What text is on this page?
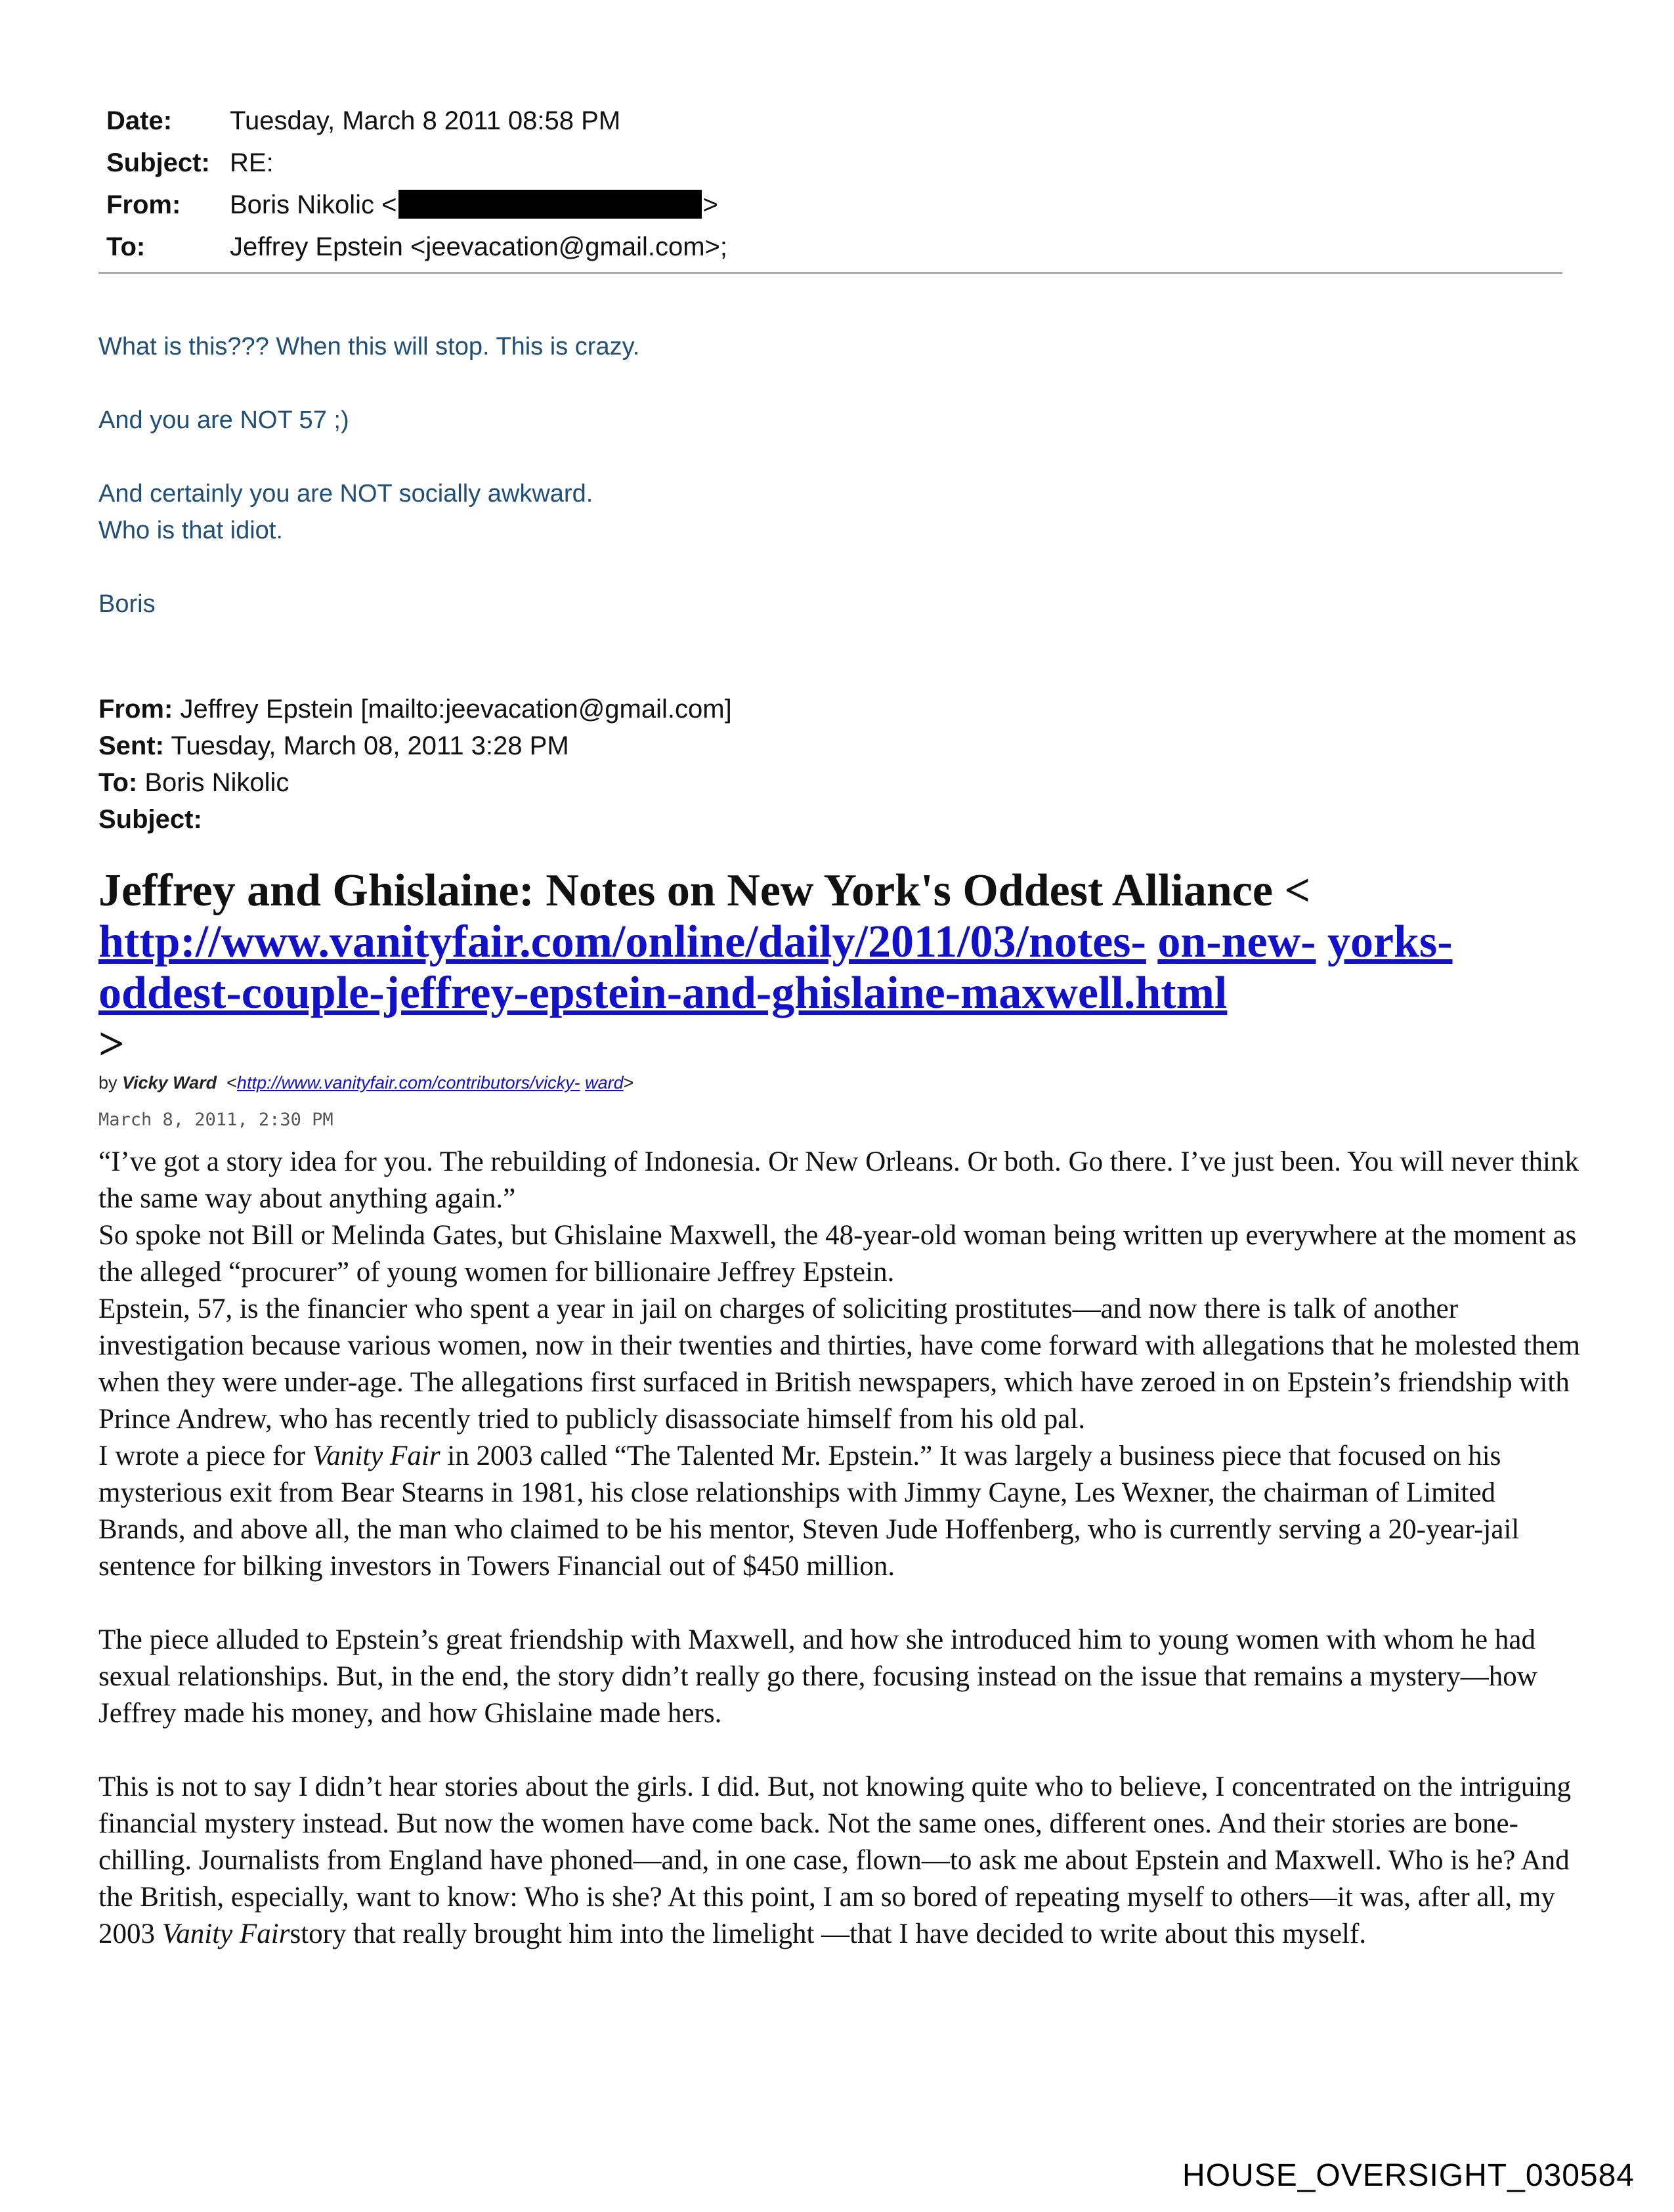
Date:	Tuesday, March 8 2011 08:58 PM
Subject: RE:
From:	Boris Nikolic <	>
To:	Jeffrey Epstein <jeevacation@gmail.com>;

What is this??? When this will stop. This is crazy.

And you are NOT 57 ;)

And certainly you are NOT socially awkward.

Who is that idiot.

Boris

From: Jeffrey Epstein [mailto:jeevacation@gmail.com]
Sent: Tuesday, March 08, 2011 3:28 PM
To: Boris Nikolic
Subject:
Jeffrey and Ghislaine: Notes on New York's Oddest Alliance < http://www.vanityfair.com/online/daily/2011/03/notes- on-new- yorks-oddest-couple-jeffrey-epstein-and-ghislaine-maxwell.html
>
by Vicky Ward <http://www.vanityfair.com/contributors/vicky- ward>
March 8, 2011, 2:30 PM

“I’ve got a story idea for you. The rebuilding of Indonesia. Or New Orleans. Or both. Go there. I’ve just been. You will never think the same way about anything again.”

So spoke not Bill or Melinda Gates, but Ghislaine Maxwell, the 48-year-old woman being written up everywhere at the moment as the alleged “procurer” of young women for billionaire Jeffrey Epstein.

Epstein, 57, is the financier who spent a year in jail on charges of soliciting prostitutes—and now there is talk of another investigation because various women, now in their twenties and thirties, have come forward with allegations that he molested them when they were under-age. The allegations first surfaced in British newspapers, which have zeroed in on Epstein’s friendship with Prince Andrew, who has recently tried to publicly disassociate himself from his old pal.

I wrote a piece for Vanity Fair in 2003 called “The Talented Mr. Epstein.” It was largely a business piece that focused on his mysterious exit from Bear Stearns in 1981, his close relationships with Jimmy Cayne, Les Wexner, the chairman of Limited Brands, and above all, the man who claimed to be his mentor, Steven Jude Hoffenberg, who is currently serving a 20-year-jail sentence for bilking investors in Towers Financial out of $450 million.

The piece alluded to Epstein’s great friendship with Maxwell, and how she introduced him to young women with whom he had sexual relationships. But, in the end, the story didn’t really go there, focusing instead on the issue that remains a mystery—how Jeffrey made his money, and how Ghislaine made hers.

This is not to say I didn’t hear stories about the girls. I did. But, not knowing quite who to believe, I concentrated on the intriguing financial mystery instead. But now the women have come back. Not the same ones, different ones. And their stories are bone-chilling. Journalists from England have phoned—and, in one case, flown—to ask me about Epstein and Maxwell. Who is he? And the British, especially, want to know: Who is she? At this point, I am so bored of repeating myself to others—it was, after all, my 2003 Vanity Fairstory that really brought him into the limelight —that I have decided to write about this myself.

HOUSE_OVERSIGHT_030584
